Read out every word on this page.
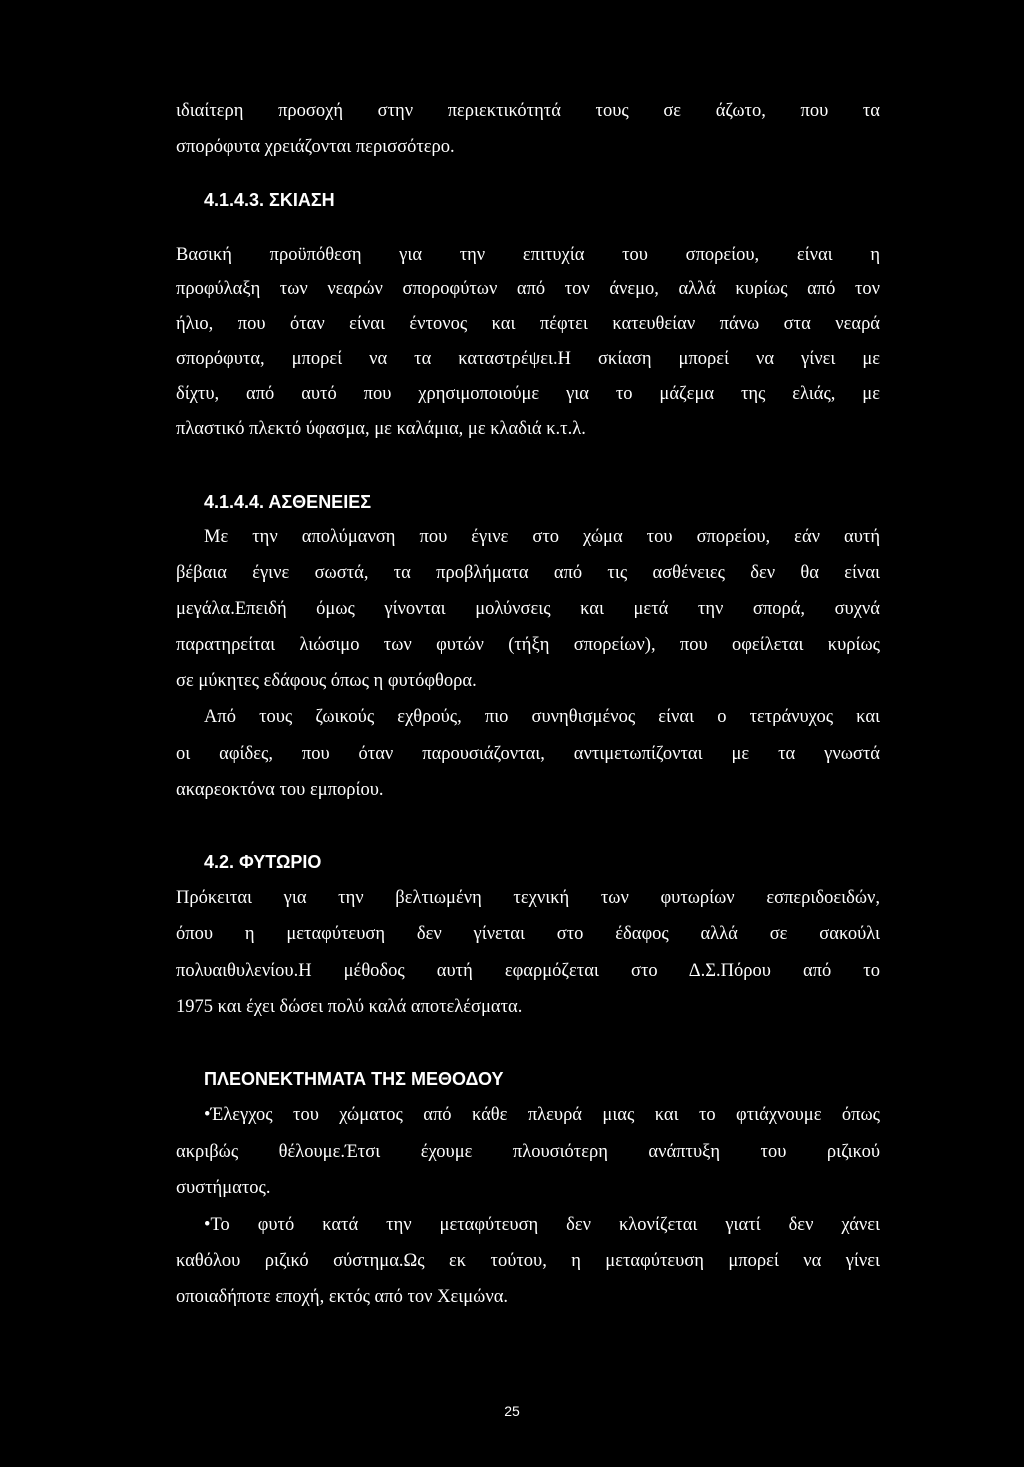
ιδιαίτερη προσοχή στην περιεκτικότητά τους σε άζωτο, που τα
σπορόφυτα χρειάζονται περισσότερο.
4.1.4.3. ΣΚΙΑΣΗ
Βασική προϋπόθεση για την επιτυχία του σπορείου, είναι η
προφύλαξη των νεαρών σποροφύτων από τον άνεμο, αλλά κυρίως από τον
ήλιο, που όταν είναι έντονος και πέφτει κατευθείαν πάνω στα νεαρά
σπορόφυτα, μπορεί να τα καταστρέψει.Η σκίαση μπορεί να γίνει με
δίχτυ, από αυτό που χρησιμοποιούμε για το μάζεμα της ελιάς, με
πλαστικό πλεκτό ύφασμα, με καλάμια, με κλαδιά κ.τ.λ.
4.1.4.4. ΑΣΘΕΝΕΙΕΣ
Με την απολύμανση που έγινε στο χώμα του σπορείου, εάν αυτή
βέβαια έγινε σωστά, τα προβλήματα από τις ασθένειες δεν θα είναι
μεγάλα.Επειδή όμως γίνονται μολύνσεις και μετά την σπορά, συχνά
παρατηρείται λιώσιμο των φυτών (τήξη σπορείων), που οφείλεται κυρίως
σε μύκητες εδάφους όπως η φυτόφθορα.
Από τους ζωικούς εχθρούς, πιο συνηθισμένος είναι ο τετράνυχος και
οι αφίδες, που όταν παρουσιάζονται, αντιμετωπίζονται με τα γνωστά
ακαρεοκτόνα του εμπορίου.
4.2. ΦΥΤΩΡΙΟ
Πρόκειται για την βελτιωμένη τεχνική των φυτωρίων εσπεριδοειδών,
όπου η μεταφύτευση δεν γίνεται στο έδαφος αλλά σε σακούλι
πολυαιθυλενίου.Η μέθοδος αυτή εφαρμόζεται στο Δ.Σ.Πόρου από το
1975 και έχει δώσει πολύ καλά αποτελέσματα.
ΠΛΕΟΝΕΚΤΗΜΑΤΑ ΤΗΣ ΜΕΘΟΔΟΥ
•Έλεγχος του χώματος από κάθε πλευρά μιας και το φτιάχνουμε όπως
ακριβώς θέλουμε.Έτσι έχουμε πλουσιότερη ανάπτυξη του ριζικού
συστήματος.
•Το φυτό κατά την μεταφύτευση δεν κλονίζεται γιατί δεν χάνει
καθόλου ριζικό σύστημα.Ως εκ τούτου, η μεταφύτευση μπορεί να γίνει
οποιαδήποτε εποχή, εκτός από τον Χειμώνα.
25
